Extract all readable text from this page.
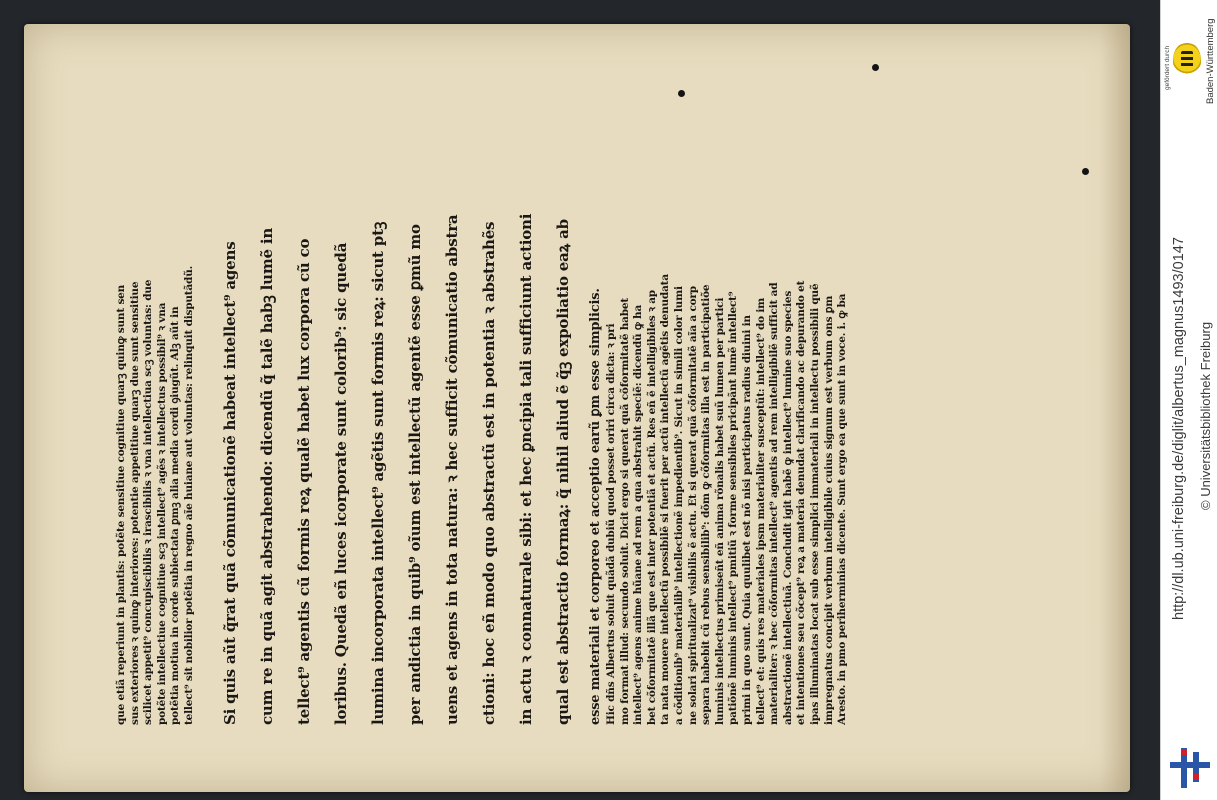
que etiã reperiunt in plantis: potẽte sensitiue cognitiue quarꝫ quinꝙ sunt sen sus exteriores ꝛ quinꝙ interiores: potentie appetitiue quarꝫ due sunt sensitiue scilicet appetit⁹ concupiscibilis ꝛ irascibilis ꝛ vna intellectiua scꝫ voluntas: due potẽte intellectiue cognitiue scꝫ intellect⁹ agẽs ꝛ intellectus possibil⁹ ꝛ vna potẽtia motiua in corde subiectata ꝑmꝫ alia media cordi ꝯiugũt. Alꝫ aũt in tellect⁹ sit nobilior potẽtia in regno aĩe huiane aut voluntas: relinquit disputãdũ.	Si quis aũt q̃rat quã cõmunicationẽ habeat intellect⁹ agens	cum re in quã agit abstrahendo: dicendũ q̃ talẽ habꝫ lumẽ in	tellect⁹ agentis cũ formis reꝝ qualẽ habet lux corpora cũ co	loribus. Quedã eñ luces icorporate sunt colorib⁹: sic quedã	lumina incorporata intellect⁹ agẽtis sunt formis reꝝ: sicut ptꝫ	per andictia in quib⁹ oĩum est intellectũ agentẽ esse ꝑmũ mo	uens et agens in tota natura: ꝛ hec sufficit cõmunicatio abstra	ctioni: hoc eñ modo quo abstractũ est in potentia ꝛ abstrahẽs	in actu ꝛ connaturale sibi: et hec ꝑncipia tali sufficiunt actioni	qual est abstractio formaꝝ: q̃ nihil aliud ẽ q̃ꝫ expoliatio eaꝝ ab	esse materiali et corporeo et acceptio earũ ꝑm esse simplicis. Hic dñs Albertus soluit quãdã dubiũ quod posset oriri circa dicta: ꝛ pri mo format illud: secundo soluit. Dicit ergo si querat quã cõformitatẽ habet intellect⁹ agens anime hũane ad rem a qua abstrahit speciẽ: dicendũ ꝙ ha bet cõformitatẽ illã que est inter potentiã et actũ. Res eñ ẽ intelligibiles ꝛ ap ta nata mouere intellectũ possibilẽ si fuerit per actũ intellectũ agẽtis denudata a cõditionib⁹ materialib⁹ intellectionẽ impedientib⁹. Sicut in simili color lumi ne solari spiritualizat⁹ visibilis ẽ actu. Et si querat quã cõformitatẽ aĩa a corp separa habebit cũ rebus sensibilib⁹: dõm ꝙ cõformitas illa est in participatiõe luminis intellectus primiseñt eñ anima rõnalis habet suũ lumen per partici patiõnẽ luminis intellect⁹ pmitiũ ꝛ forme sensibiles pricipãnt lumẽ intellect⁹ primi in quo sunt. Quia quulibet est nõ nisi participatus radius diuini in tellect⁹ et: quis res materiales ipsm materialiter susceptũt: intellect⁹ do im materialiter: ꝛ hec cõformitas intellect⁹ agentis ad rem intelligibilẽ sufficit ad abstractionẽ intellectiuã. Concludit igit habẽ ꝙ intellect⁹ lumine suo species et intentiones seu cõcept⁹ reꝝ a materia denudat clarificando ac depurando et ipas illuminatas locat sub esse simplici immateriali in intellectu possibili quẽ impregnatus concipit verbum intelligibile cuius signum est verbum ons ꝑm Aresto. in pmo periherminias dicente. Sunt ergo ea que sunt in voce. i. ꝙ ba
gefördert durch	Baden-Württemberg
http://dl.ub.uni-freiburg.de/diglit/albertus_magnus1493/0147 © Universitätsbibliothek Freiburg
